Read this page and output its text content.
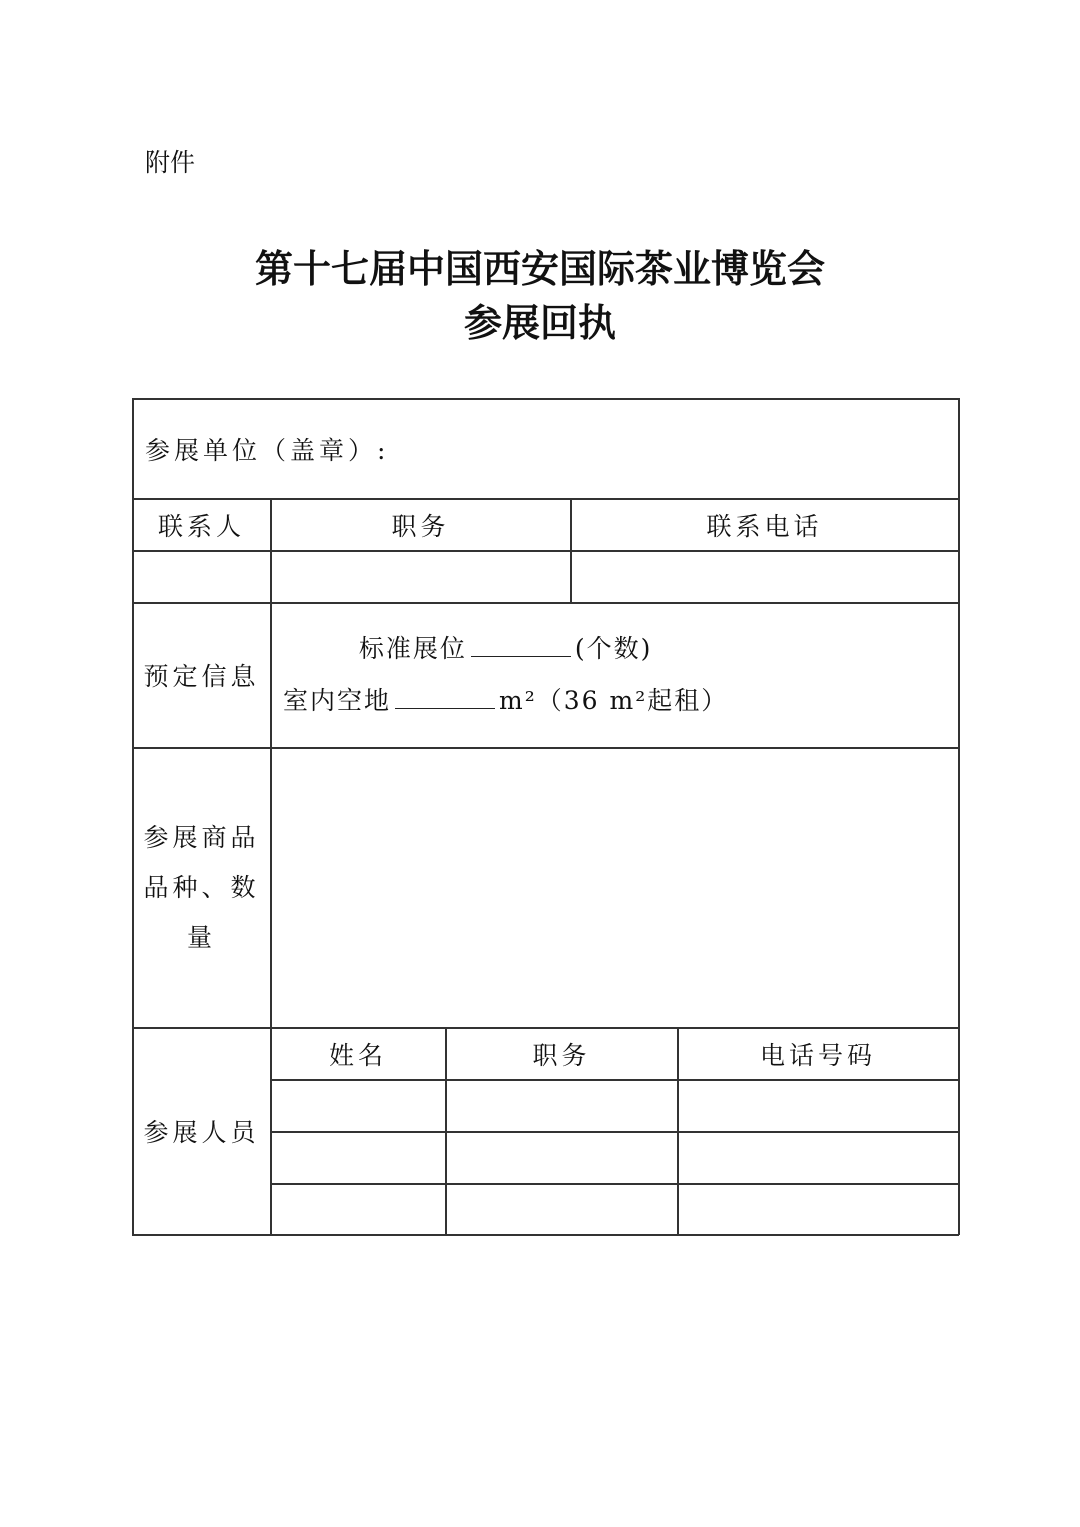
附件
第十七届中国西安国际茶业博览会
参展回执
参展单位（盖章）:
联系人	职务	联系电话
预定信息
标准展位	(个数)
室内空地	m²（36 m²起租）
参展商品
品种、数
量
参展人员
姓名	职务	电话号码
